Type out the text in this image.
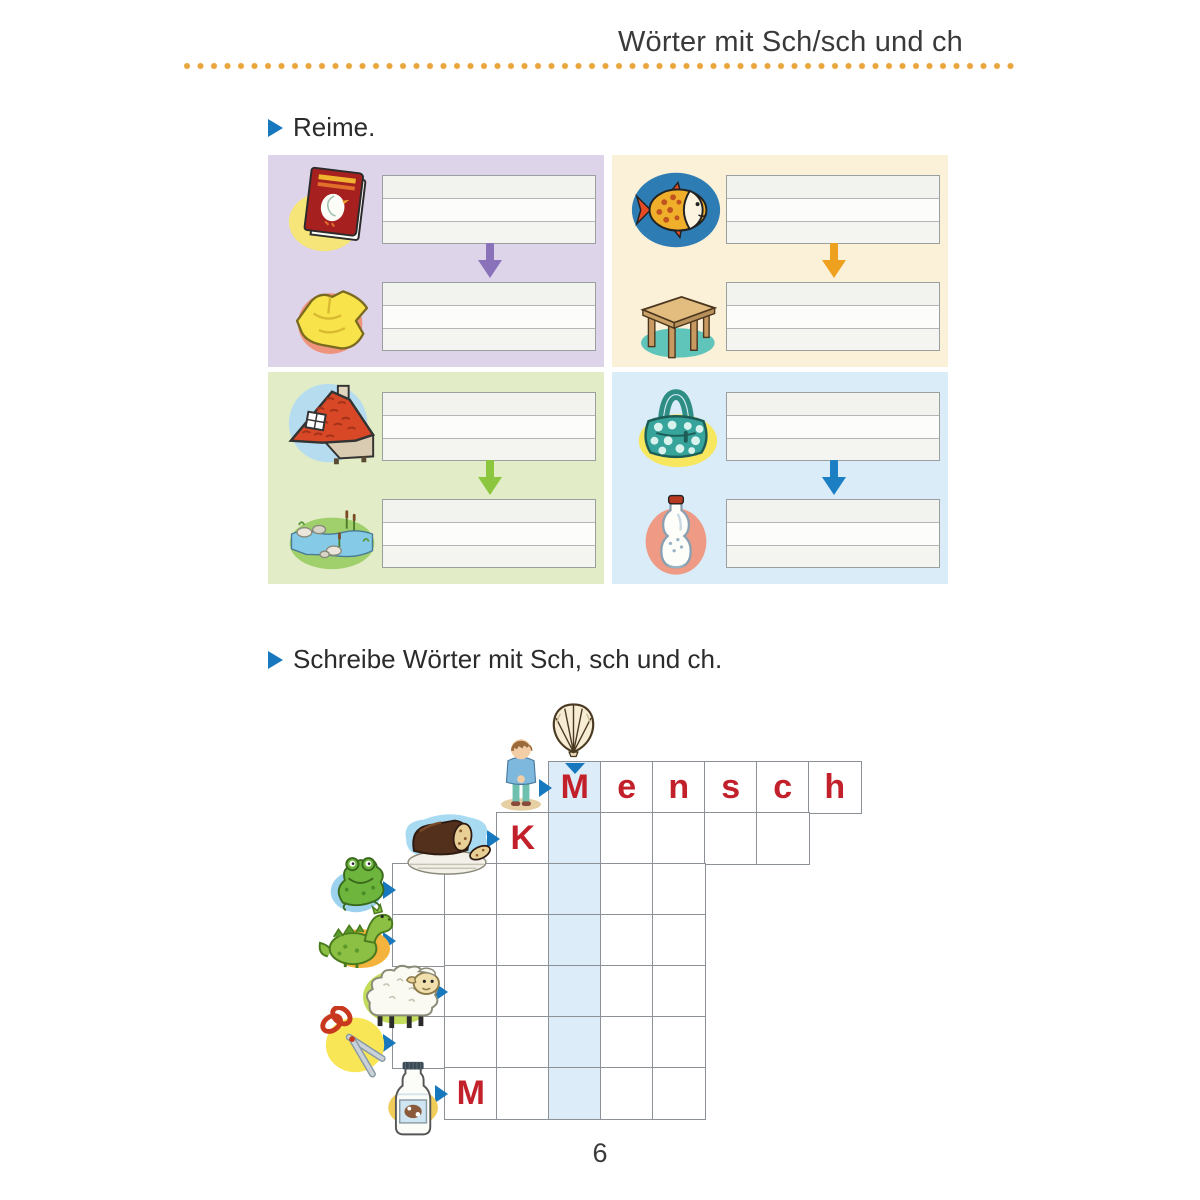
Wörter mit Sch/sch und ch
Reime.
Schreibe Wörter mit Sch, sch und ch.
M e n s c h
K
M
6
